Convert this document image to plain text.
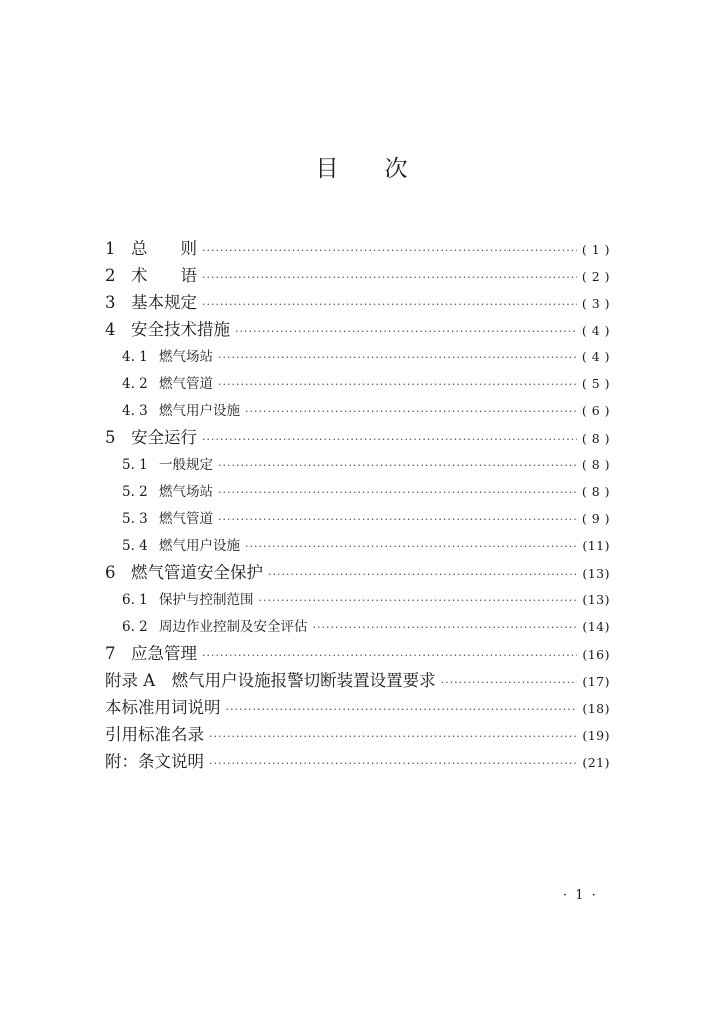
目次
1 总　　则 ·····	( 1 )
2 术　　语 ·····	( 2 )
3 基本规定 ·····	( 3 )
4 安全技术措施 ·····	( 4 )
4. 1 燃气场站 ·····	( 4 )
4. 2 燃气管道 ·····	( 5 )
4. 3 燃气用户设施 ·····	( 6 )
5 安全运行 ·····	( 8 )
5. 1 一般规定 ·····	( 8 )
5. 2 燃气场站 ·····	( 8 )
5. 3 燃气管道 ·····	( 9 )
5. 4 燃气用户设施 ·····	(11)
6 燃气管道安全保护 ·····	(13)
6. 1 保护与控制范围 ·····	(13)
6. 2 周边作业控制及安全评估 ·····	(14)
7 应急管理 ·····	(16)
附录 A　燃气用户设施报警切断装置设置要求 ·····	(17)
本标准用词说明 ·····	(18)
引用标准名录 ·····	(19)
附：条文说明 ·····	(21)
· 1 ·
